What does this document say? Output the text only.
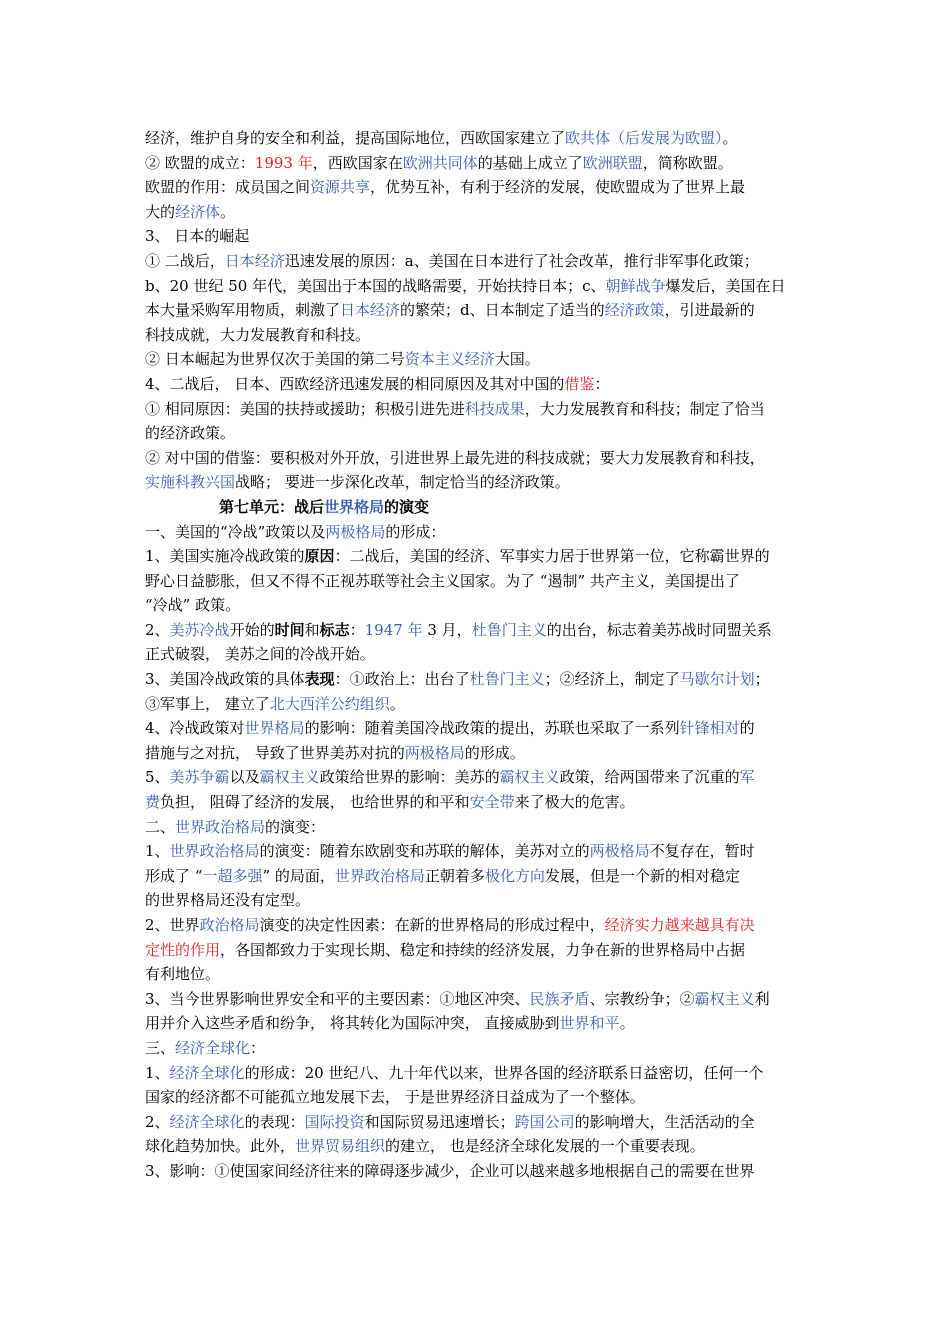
经济，维护自身的安全和利益，提高国际地位，西欧国家建立了欧共体（后发展为欧盟）。
② 欧盟的成立：1993 年，西欧国家在欧洲共同体的基础上成立了欧洲联盟，简称欧盟。
欧盟的作用：成员国之间资源共享，优势互补，有利于经济的发展，使欧盟成为了世界上最
大的经济体。
3、 日本的崛起
① 二战后，日本经济迅速发展的原因：a、美国在日本进行了社会改革，推行非军事化政策；
b、20 世纪 50 年代，美国出于本国的战略需要，开始扶持日本；c、朝鲜战争爆发后，美国在日
本大量采购军用物质，刺激了日本经济的繁荣；d、日本制定了适当的经济政策，引进最新的
科技成就，大力发展教育和科技。
② 日本崛起为世界仅次于美国的第二号资本主义经济大国。
4、二战后， 日本、西欧经济迅速发展的相同原因及其对中国的借鉴：
① 相同原因：美国的扶持或援助；积极引进先进科技成果，大力发展教育和科技；制定了恰当
的经济政策。
② 对中国的借鉴：要积极对外开放，引进世界上最先进的科技成就；要大力发展教育和科技，
实施科教兴国战略； 要进一步深化改革，制定恰当的经济政策。
第七单元：战后世界格局的演变
一、美国的“冷战”政策以及两极格局的形成：
1、美国实施冷战政策的原因：二战后，美国的经济、军事实力居于世界第一位，它称霸世界的
野心日益膨胀，但又不得不正视苏联等社会主义国家。为了 “遏制” 共产主义，美国提出了
“冷战” 政策。
2、美苏冷战开始的时间和标志：1947 年 3 月，杜鲁门主义的出台，标志着美苏战时同盟关系
正式破裂， 美苏之间的冷战开始。
3、美国冷战政策的具体表现：①政治上：出台了杜鲁门主义；②经济上，制定了马歇尔计划；
③军事上， 建立了北大西洋公约组织。
4、冷战政策对世界格局的影响：随着美国冷战政策的提出，苏联也采取了一系列针锋相对的
措施与之对抗， 导致了世界美苏对抗的两极格局的形成。
5、美苏争霸以及霸权主义政策给世界的影响：美苏的霸权主义政策，给两国带来了沉重的军
费负担， 阻碍了经济的发展， 也给世界的和平和安全带来了极大的危害。
二、世界政治格局的演变：
1、世界政治格局的演变：随着东欧剧变和苏联的解体，美苏对立的两极格局不复存在，暂时
形成了 “一超多强” 的局面，世界政治格局正朝着多极化方向发展，但是一个新的相对稳定
的世界格局还没有定型。
2、世界政治格局演变的决定性因素：在新的世界格局的形成过程中，经济实力越来越具有决
定性的作用，各国都致力于实现长期、稳定和持续的经济发展，力争在新的世界格局中占据
有利地位。
3、当今世界影响世界安全和平的主要因素：①地区冲突、民族矛盾、宗教纷争；②霸权主义利
用并介入这些矛盾和纷争， 将其转化为国际冲突， 直接威胁到世界和平。
三、经济全球化：
1、经济全球化的形成：20 世纪八、九十年代以来，世界各国的经济联系日益密切，任何一个
国家的经济都不可能孤立地发展下去， 于是世界经济日益成为了一个整体。
2、经济全球化的表现：国际投资和国际贸易迅速增长；跨国公司的影响增大，生活活动的全
球化趋势加快。此外，世界贸易组织的建立， 也是经济全球化发展的一个重要表现。
3、影响：①使国家间经济往来的障碍逐步减少，企业可以越来越多地根据自己的需要在世界
